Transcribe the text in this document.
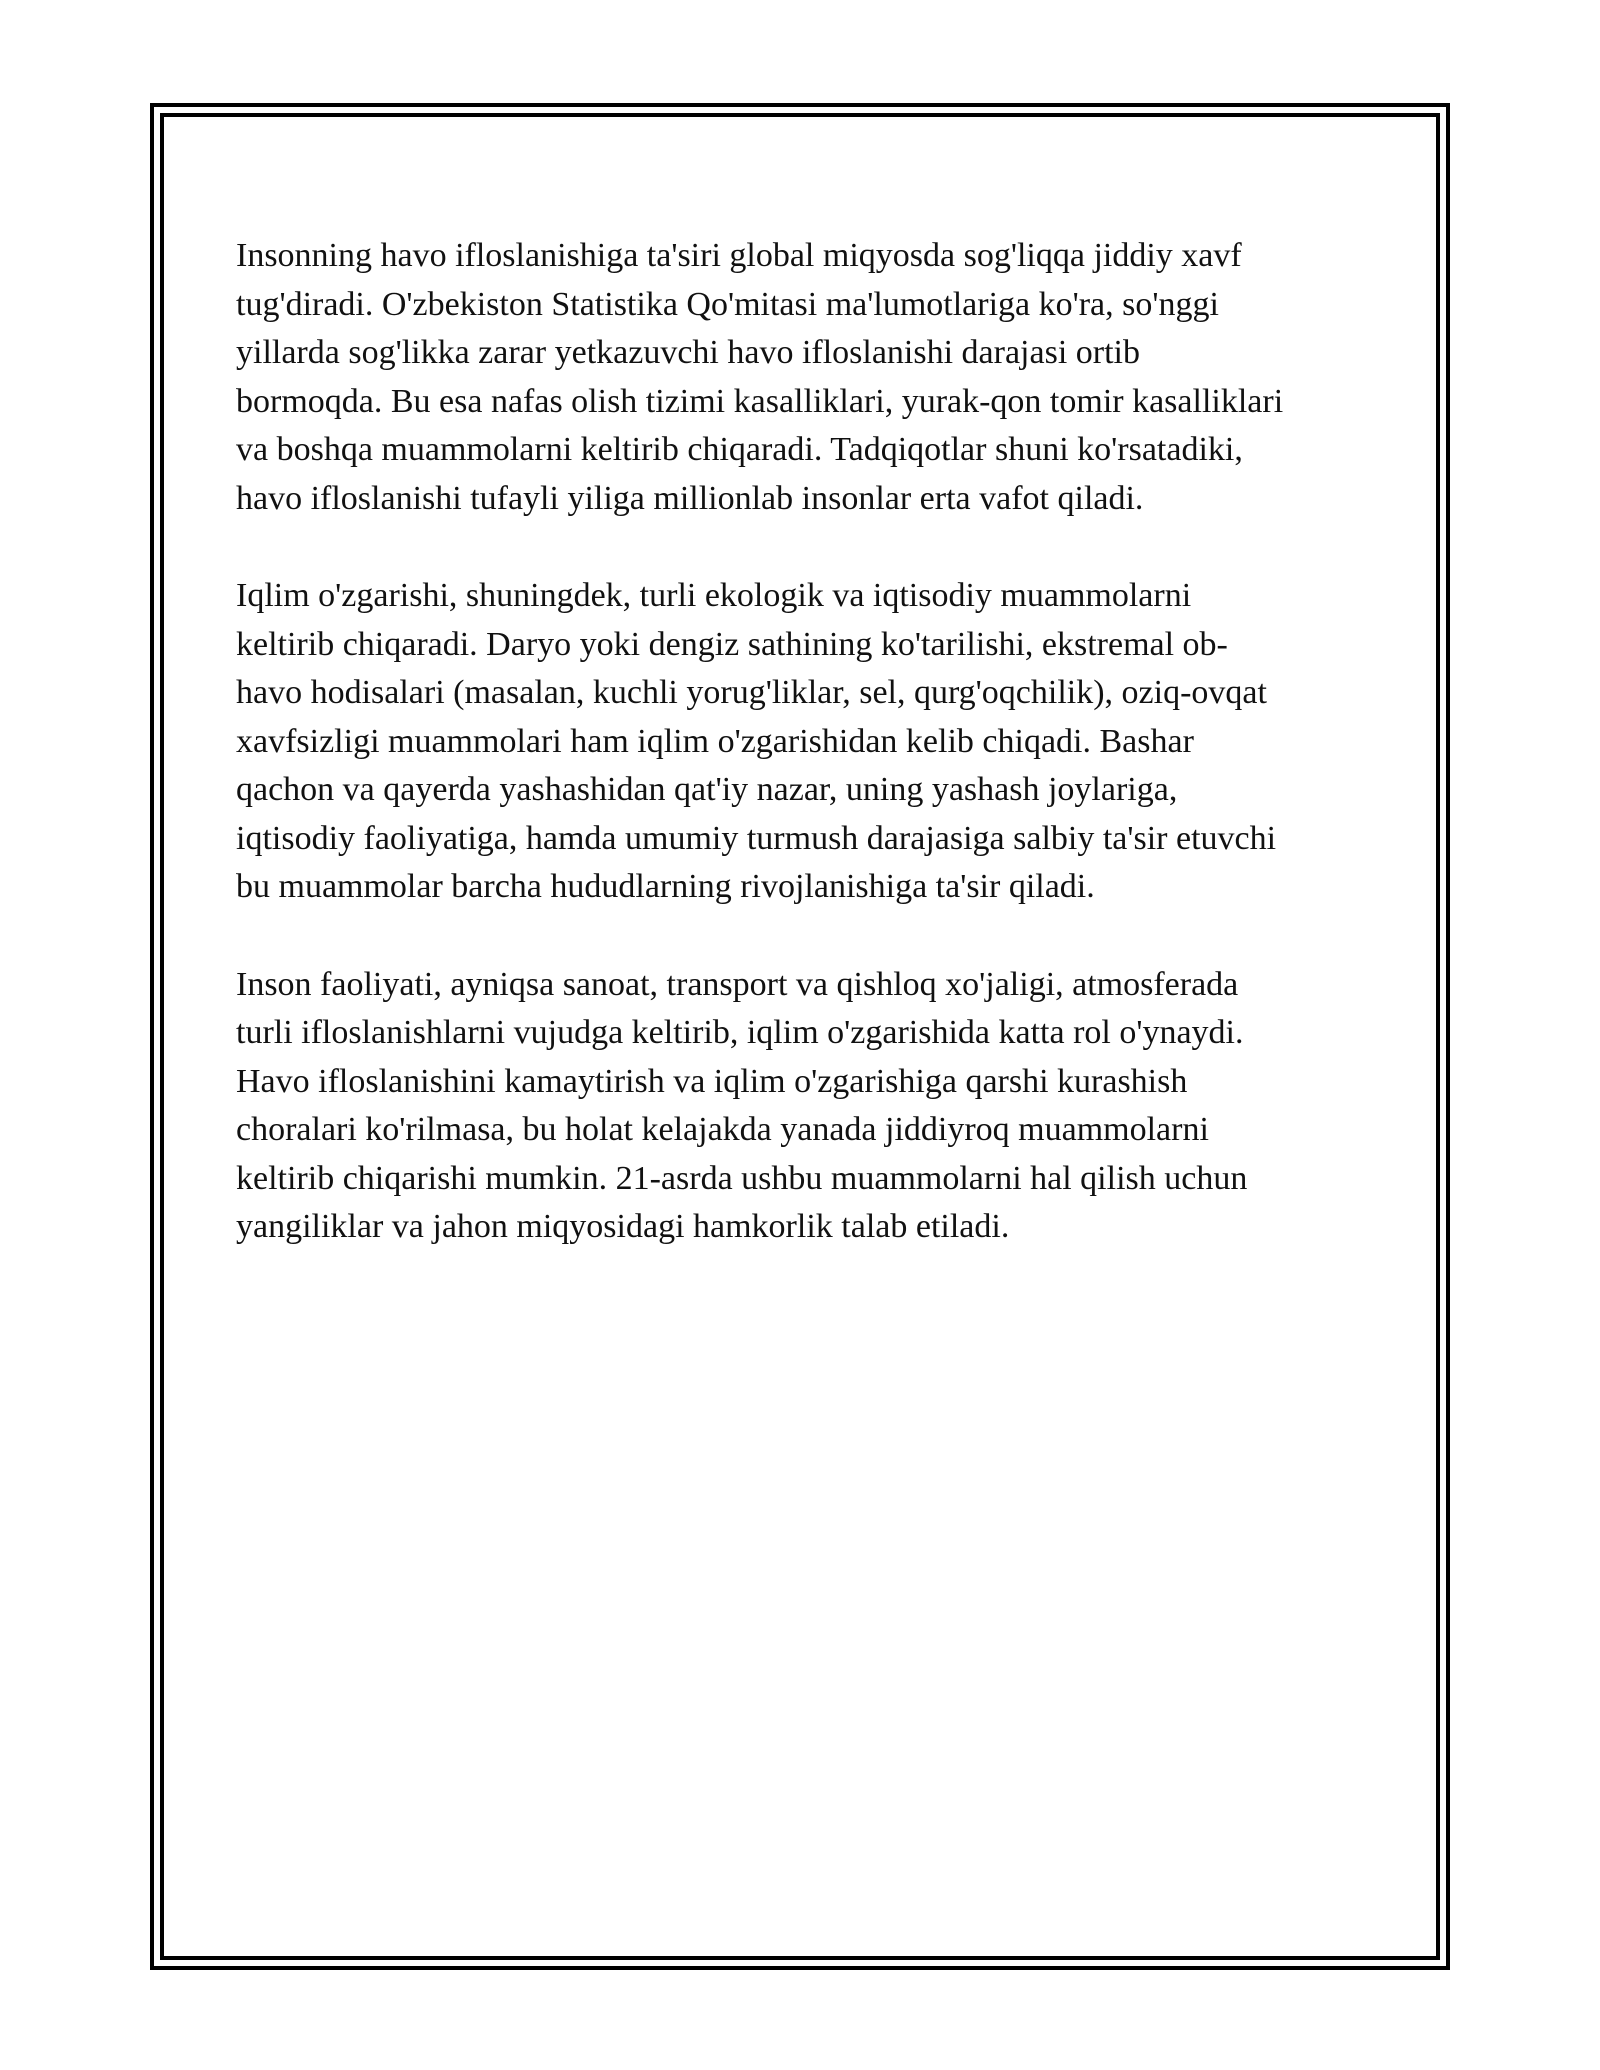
Insonning havo ifloslanishiga ta'siri global miqyosda sog'liqqa jiddiy xavf
tug'diradi. O'zbekiston Statistika Qo'mitasi ma'lumotlariga ko'ra, so'nggi
yillarda sog'likka zarar yetkazuvchi havo ifloslanishi darajasi ortib
bormoqda. Bu esa nafas olish tizimi kasalliklari, yurak-qon tomir kasalliklari
va boshqa muammolarni keltirib chiqaradi. Tadqiqotlar shuni ko'rsatadiki,
havo ifloslanishi tufayli yiliga millionlab insonlar erta vafot qiladi.

Iqlim o'zgarishi, shuningdek, turli ekologik va iqtisodiy muammolarni
keltirib chiqaradi. Daryo yoki dengiz sathining ko'tarilishi, ekstremal ob-
havo hodisalari (masalan, kuchli yorug'liklar, sel, qurg'oqchilik), oziq-ovqat
xavfsizligi muammolari ham iqlim o'zgarishidan kelib chiqadi. Bashar
qachon va qayerda yashashidan qat'iy nazar, uning yashash joylariga,
iqtisodiy faoliyatiga, hamda umumiy turmush darajasiga salbiy ta'sir etuvchi
bu muammolar barcha hududlarning rivojlanishiga ta'sir qiladi.

Inson faoliyati, ayniqsa sanoat, transport va qishloq xo'jaligi, atmosferada
turli ifloslanishlarni vujudga keltirib, iqlim o'zgarishida katta rol o'ynaydi.
Havo ifloslanishini kamaytirish va iqlim o'zgarishiga qarshi kurashish
choralari ko'rilmasa, bu holat kelajakda yanada jiddiyroq muammolarni
keltirib chiqarishi mumkin. 21-asrda ushbu muammolarni hal qilish uchun
yangiliklar va jahon miqyosidagi hamkorlik talab etiladi.
